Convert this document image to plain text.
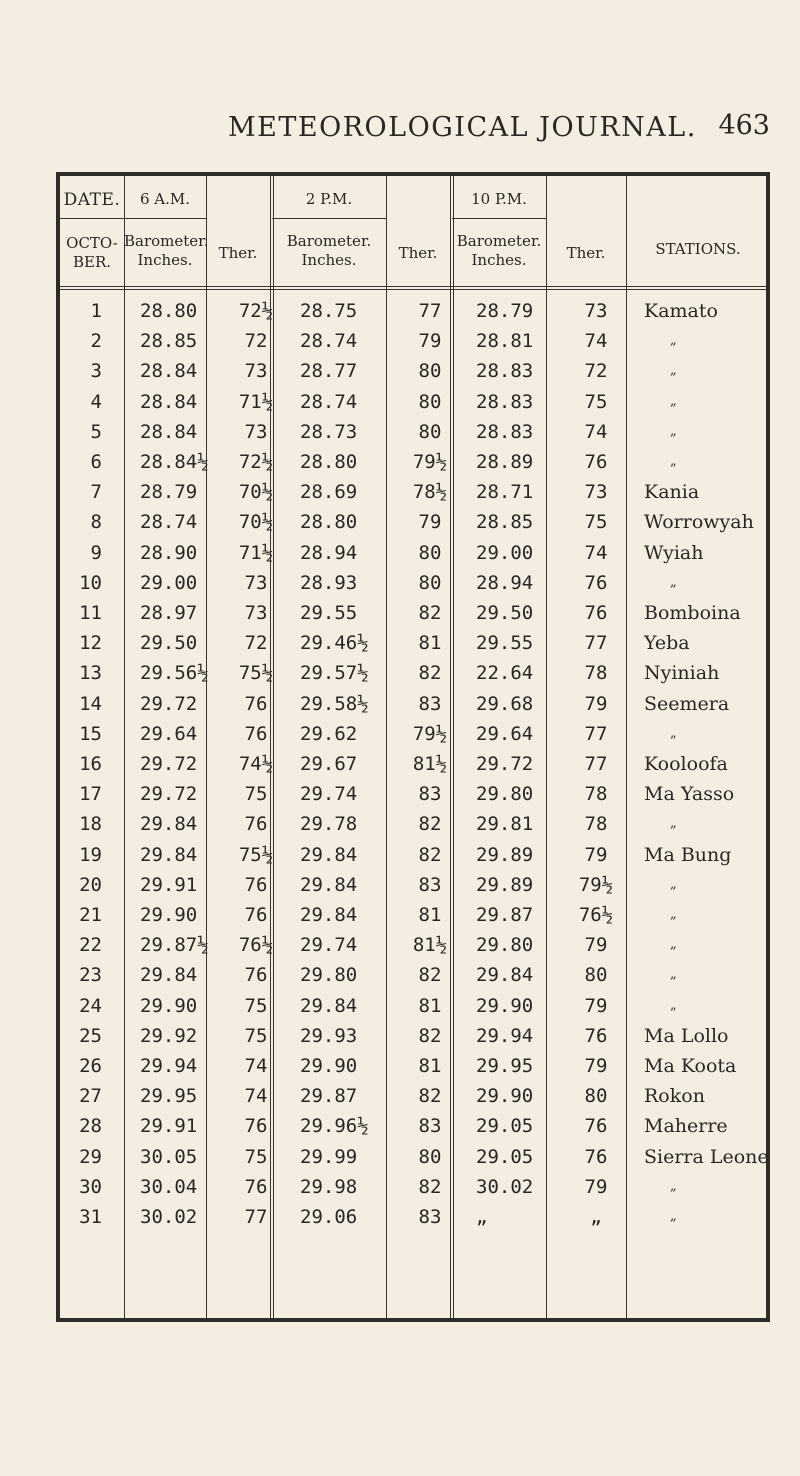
METEOROLOGICAL JOURNAL. 463
DATE.	6 A.M.	2 P.M.	10 P.M.
OCTO-
BER.
Barometer.
Inches.	Ther.
Barometer.
Inches.	Ther.
Barometer.
Inches.	Ther.	STATIONS.
1 28.80	72½	28.75	77	28.79	73	Kamato
2 28.85	72	28.74	79	28.81	74	„
3 28.84	73	28.77	80	28.83	72	„
4 28.84	71½	28.74	80	28.83	75	„
5 28.84	73	28.73	80	28.83	74	„
6 28.84½	72½	28.80	79½	28.89	76	„
7 28.79	70½	28.69	78½	28.71	73	Kania
8 28.74	70½	28.80	79	28.85	75	Worrowyah
9 28.90	71½	28.94	80	29.00	74	Wyiah
10 29.00	73	28.93	80	28.94	76	„
11 28.97	73	29.55	82	29.50	76	Bomboina
12 29.50	72	29.46½	81	29.55	77	Yeba
13 29.56½	75½	29.57½	82	22.64	78	Nyiniah
14 29.72	76	29.58½	83	29.68	79	Seemera
15 29.64	76	29.62	79½	29.64	77	„
16 29.72	74½	29.67	81½	29.72	77	Kooloofa
17 29.72	75	29.74	83	29.80	78	Ma Yasso
18 29.84	76	29.78	82	29.81	78	„
19 29.84	75½	29.84	82	29.89	79	Ma Bung
20 29.91	76	29.84	83	29.89	79½	„
21 29.90	76	29.84	81	29.87	76½	„
22 29.87½	76½	29.74	81½	29.80	79	„
23 29.84	76	29.80	82	29.84	80	„
24 29.90	75	29.84	81	29.90	79	„
25 29.92	75	29.93	82	29.94	76	Ma Lollo
26 29.94	74	29.90	81	29.95	79	Ma Koota
27 29.95	74	29.87	82	29.90	80	Rokon
28 29.91	76	29.96½	83	29.05	76	Maherre
29 30.05	75	29.99	80	29.05	76	Sierra Leone
30 30.04	76	29.98	82	30.02	79	„
31 30.02	77	29.06	83	„	„	„
